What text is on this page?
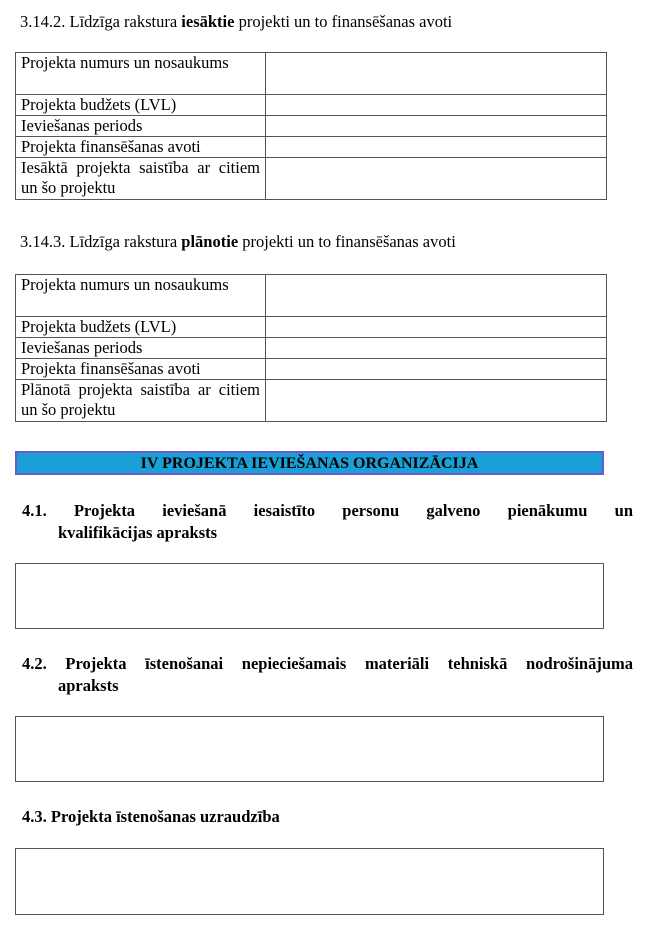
3.14.2. Līdzīga rakstura iesāktie projekti un to finansēšanas avoti
Projekta numurs un nosaukums	
Projekta budžets (LVL)	
Ieviešanas periods	
Projekta finansēšanas avoti	
Iesāktā projekta saistība ar citiem un šo projektu	
3.14.3. Līdzīga rakstura plānotie projekti un to finansēšanas avoti
Projekta numurs un nosaukums	
Projekta budžets (LVL)	
Ieviešanas periods	
Projekta finansēšanas avoti	
Plānotā projekta saistība ar citiem un šo projektu	
IV PROJEKTA IEVIEŠANAS ORGANIZĀCIJA
4.1. Projekta ieviešanā iesaistīto personu galveno pienākumu un
kvalifikācijas apraksts
4.2. Projekta īstenošanai nepieciešamais materiāli tehniskā nodrošinājuma
apraksts
4.3. Projekta īstenošanas uzraudzība
